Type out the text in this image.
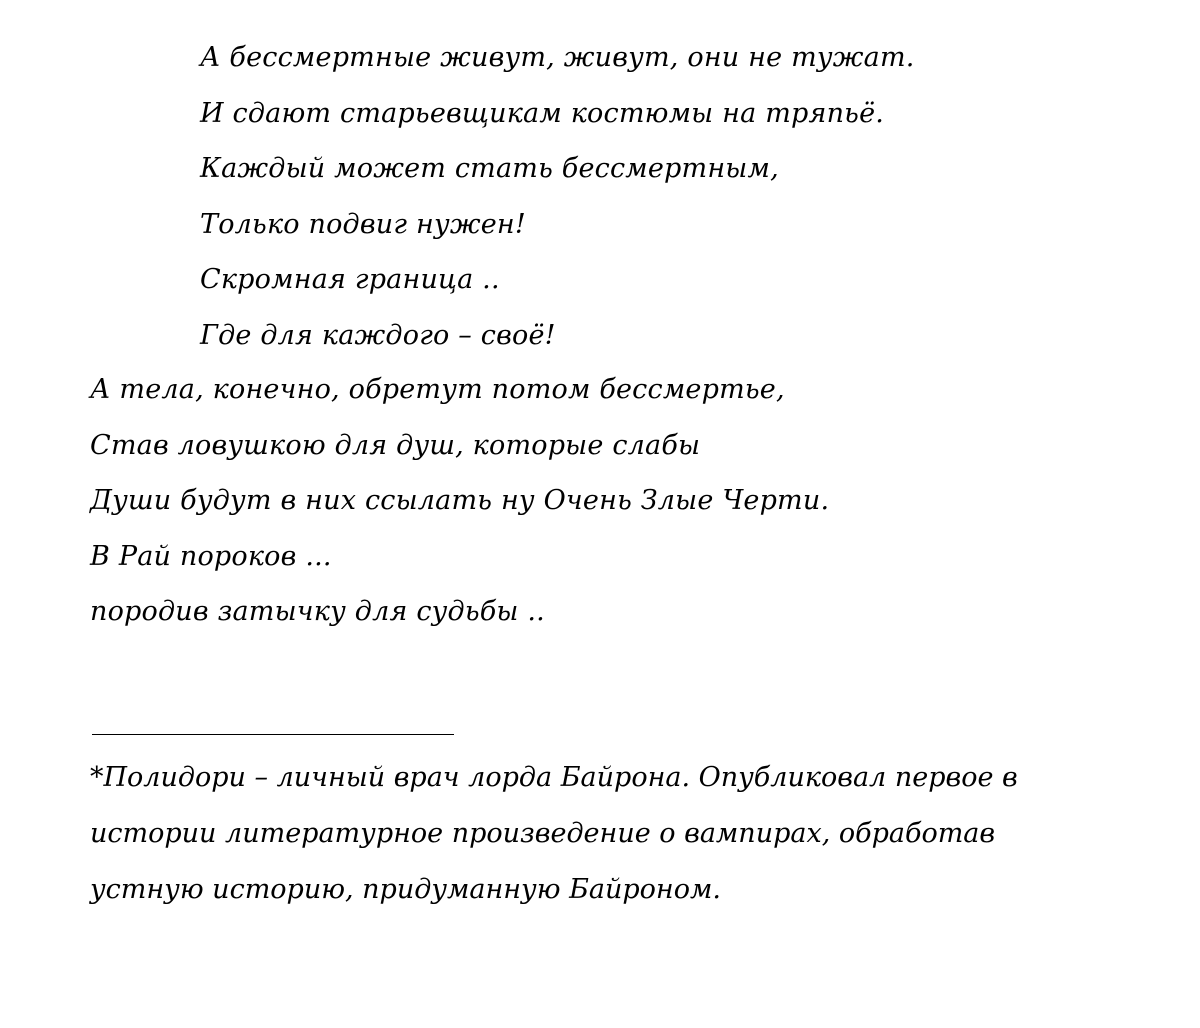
А бессмертные живут, живут, они не тужат.
И сдают старьевщикам костюмы на тряпьё.
Каждый может стать бессмертным,
Только подвиг нужен!
Скромная граница ..
Где для каждого – своё!
А тела, конечно, обретут потом бессмертье,
Став ловушкою для душ, которые слабы
Души будут в них ссылать ну Очень Злые Черти.
В Рай пороков ...
породив затычку для судьбы ..

*Полидори – личный врач лорда Байрона. Опубликовал первое в
истории литературное произведение о вампирах, обработав
устную историю, придуманную Байроном.
